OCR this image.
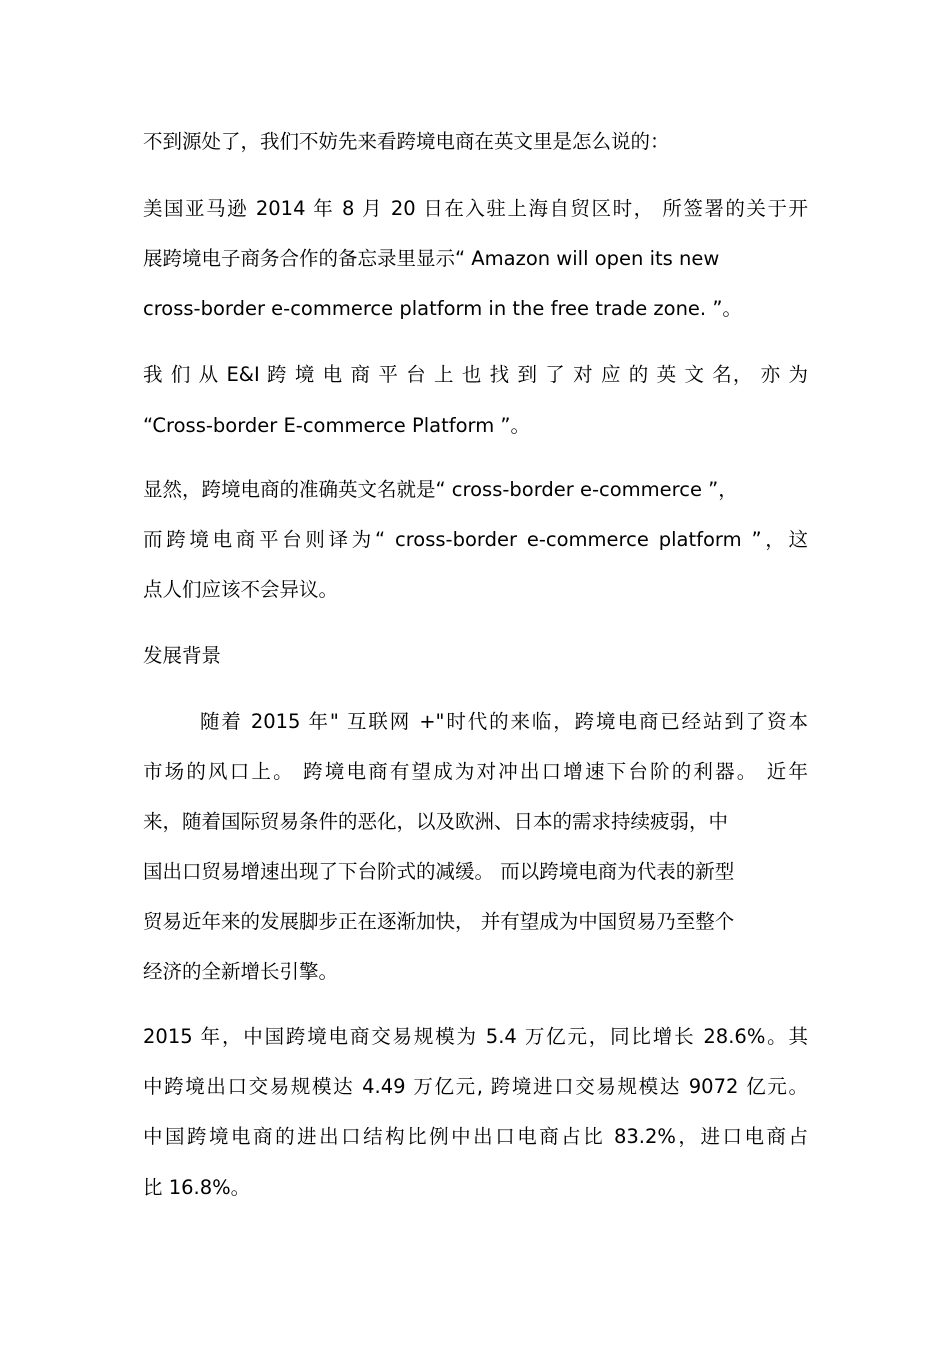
不到源处了，我们不妨先来看跨境电商在英文里是怎么说的：

美国亚马逊 2014 年 8 月 20 日在入驻上海自贸区时， 所签署的关于开

展跨境电子商务合作的备忘录里显示“ Amazon will open its new

cross-border e-commerce platform in the free trade zone. ”。

我 们 从 E&I 跨 境 电 商 平 台 上 也 找 到 了 对 应 的 英 文 名， 亦 为

“Cross-border E-commerce Platform ”。

显然，跨境电商的准确英文名就是“ cross-border e-commerce ”，

而跨境电商平台则译为“ cross-border e-commerce platform ”，这

点人们应该不会异议。

发展背景

随着 2015 年" 互联网 +"时代的来临，跨境电商已经站到了资本

市场的风口上。 跨境电商有望成为对冲出口增速下台阶的利器。 近年

来，随着国际贸易条件的恶化，以及欧洲、日本的需求持续疲弱，中

国出口贸易增速出现了下台阶式的减缓。 而以跨境电商为代表的新型

贸易近年来的发展脚步正在逐渐加快， 并有望成为中国贸易乃至整个

经济的全新增长引擎。

2015 年，中国跨境电商交易规模为 5.4 万亿元，同比增长 28.6%。其

中跨境出口交易规模达 4.49 万亿元, 跨境进口交易规模达 9072 亿元。

中国跨境电商的进出口结构比例中出口电商占比 83.2%，进口电商占

比 16.8%。
